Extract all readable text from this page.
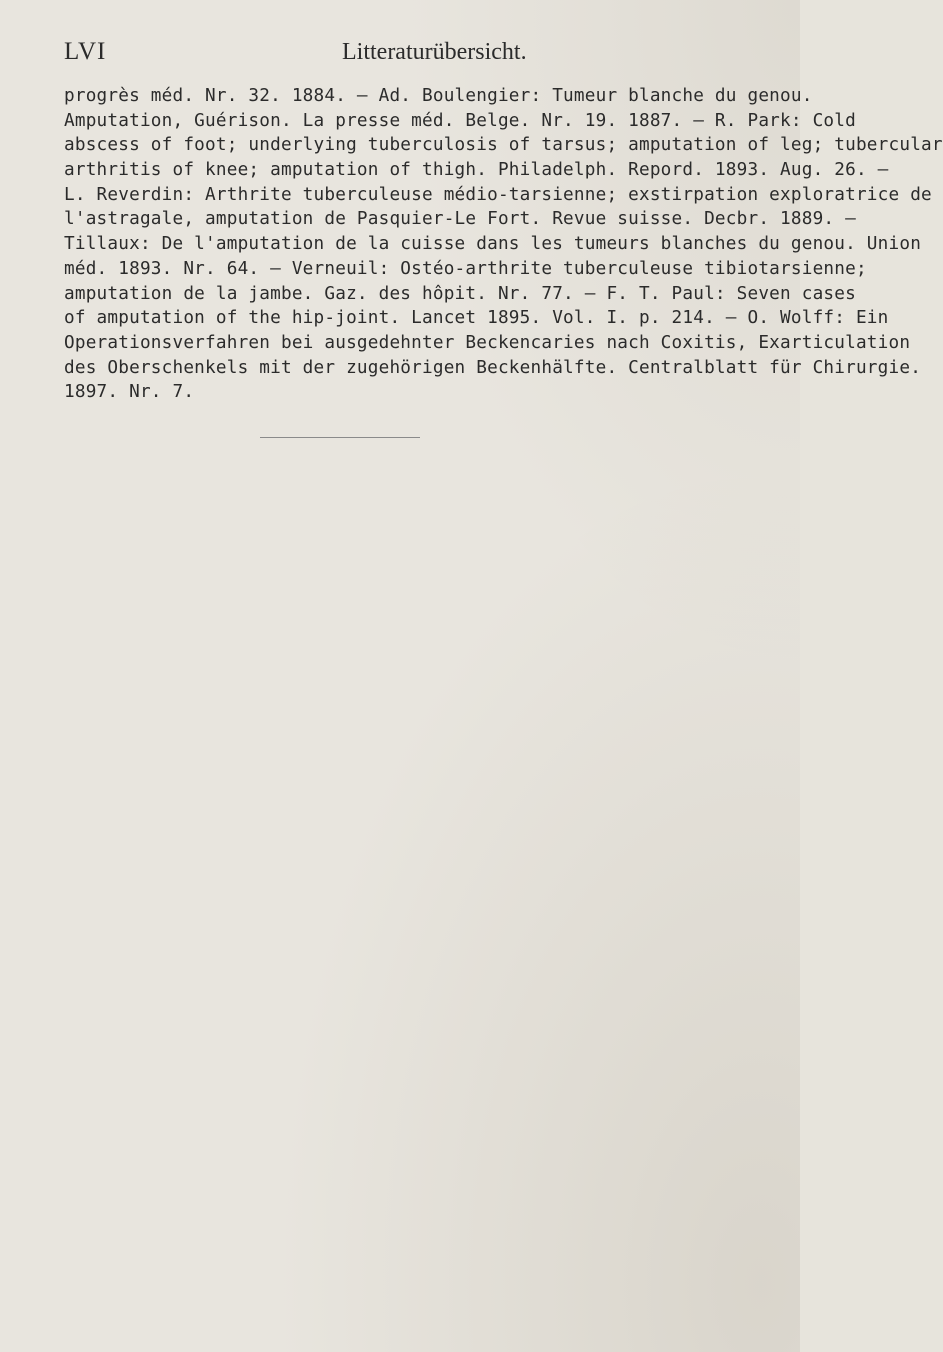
LVI	Litteraturübersicht.
progrès méd. Nr. 32. 1884. — Ad. Boulengier: Tumeur blanche du genou.
Amputation, Guérison. La presse méd. Belge. Nr. 19. 1887. — R. Park: Cold
abscess of foot; underlying tuberculosis of tarsus; amputation of leg; tubercular
arthritis of knee; amputation of thigh. Philadelph. Repord. 1893. Aug. 26. —
L. Reverdin: Arthrite tuberculeuse médio-tarsienne; exstirpation exploratrice de
l'astragale, amputation de Pasquier-Le Fort. Revue suisse. Decbr. 1889. —
Tillaux: De l'amputation de la cuisse dans les tumeurs blanches du genou. Union
méd. 1893. Nr. 64. — Verneuil: Ostéo-arthrite tuberculeuse tibiotarsienne;
amputation de la jambe. Gaz. des hôpit. Nr. 77. — F. T. Paul: Seven cases
of amputation of the hip-joint. Lancet 1895. Vol. I. p. 214. — O. Wolff: Ein
Operationsverfahren bei ausgedehnter Beckencaries nach Coxitis, Exarticulation
des Oberschenkels mit der zugehörigen Beckenhälfte. Centralblatt für Chirurgie.
1897. Nr. 7.
